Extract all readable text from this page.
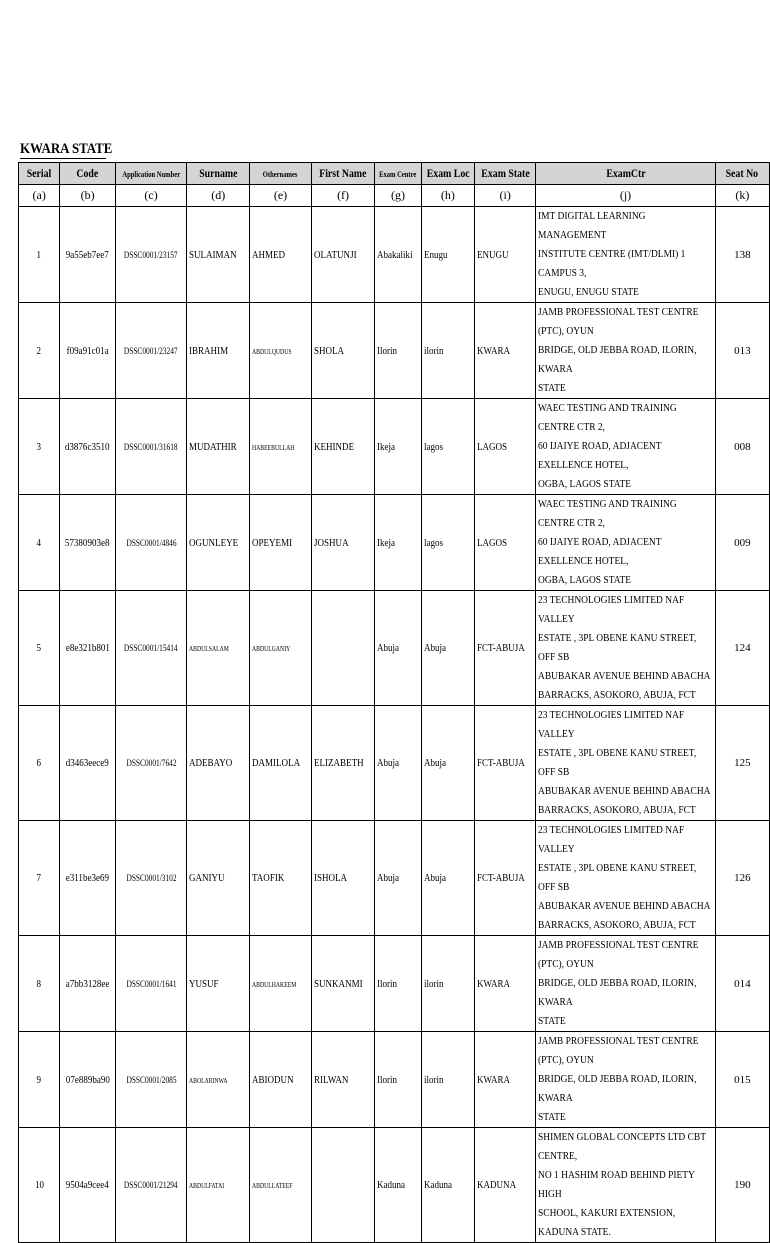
KWARA STATE
Serial	Code	Application Number	Surname	Othernames	First Name	Exam Centre	Exam Loc	Exam State	ExamCtr	Seat No
(a)	(b)	(c)	(d)	(e)	(f)	(g)	(h)	(i)	(j)	(k)
1	9a55eb7ee7	DSSC0001/23157	SULAIMAN	AHMED	OLATUNJI	Abakaliki	Enugu	ENUGU	IMT DIGITAL LEARNING MANAGEMENT
INSTITUTE CENTRE (IMT/DLMI) 1 CAMPUS 3,
ENUGU, ENUGU STATE	138
2	f09a91c01a	DSSC0001/23247	IBRAHIM	ABDULQUDUS	SHOLA	Ilorin	ilorin	KWARA	JAMB PROFESSIONAL TEST CENTRE (PTC), OYUN
BRIDGE, OLD JEBBA ROAD, ILORIN, KWARA
STATE	013
3	d3876c3510	DSSC0001/31618	MUDATHIR	HABEEBULLAH	KEHINDE	Ikeja	lagos	LAGOS	WAEC TESTING AND TRAINING CENTRE CTR 2,
60 IJAIYE ROAD, ADJACENT EXELLENCE HOTEL,
OGBA, LAGOS STATE	008
4	57380903e8	DSSC0001/4846	OGUNLEYE	OPEYEMI	JOSHUA	Ikeja	lagos	LAGOS	WAEC TESTING AND TRAINING CENTRE CTR 2,
60 IJAIYE ROAD, ADJACENT EXELLENCE HOTEL,
OGBA, LAGOS STATE	009
5	e8e321b801	DSSC0001/15414	ABDULSALAM	ABDULGANIY		Abuja	Abuja	FCT-ABUJA	23 TECHNOLOGIES LIMITED NAF VALLEY
ESTATE , 3PL OBENE KANU STREET, OFF SB
ABUBAKAR AVENUE BEHIND ABACHA
BARRACKS, ASOKORO, ABUJA, FCT	124
6	d3463eece9	DSSC0001/7642	ADEBAYO	DAMILOLA	ELIZABETH	Abuja	Abuja	FCT-ABUJA	23 TECHNOLOGIES LIMITED NAF VALLEY
ESTATE , 3PL OBENE KANU STREET, OFF SB
ABUBAKAR AVENUE BEHIND ABACHA
BARRACKS, ASOKORO, ABUJA, FCT	125
7	e311be3e69	DSSC0001/3102	GANIYU	TAOFIK	ISHOLA	Abuja	Abuja	FCT-ABUJA	23 TECHNOLOGIES LIMITED NAF VALLEY
ESTATE , 3PL OBENE KANU STREET, OFF SB
ABUBAKAR AVENUE BEHIND ABACHA
BARRACKS, ASOKORO, ABUJA, FCT	126
8	a7bb3128ee	DSSC0001/1641	YUSUF	ABDULHAKEEM	SUNKANMI	Ilorin	ilorin	KWARA	JAMB PROFESSIONAL TEST CENTRE (PTC), OYUN
BRIDGE, OLD JEBBA ROAD, ILORIN, KWARA
STATE	014
9	07e889ba90	DSSC0001/2085	ABOLARINWA	ABIODUN	RILWAN	Ilorin	ilorin	KWARA	JAMB PROFESSIONAL TEST CENTRE (PTC), OYUN
BRIDGE, OLD JEBBA ROAD, ILORIN, KWARA
STATE	015
10	9504a9cee4	DSSC0001/21294	ABDULFATAI	ABDULLATEEF		Kaduna	Kaduna	KADUNA	SHIMEN GLOBAL CONCEPTS LTD CBT CENTRE,
NO 1 HASHIM ROAD BEHIND PIETY HIGH
SCHOOL, KAKURI EXTENSION, KADUNA STATE.	190
